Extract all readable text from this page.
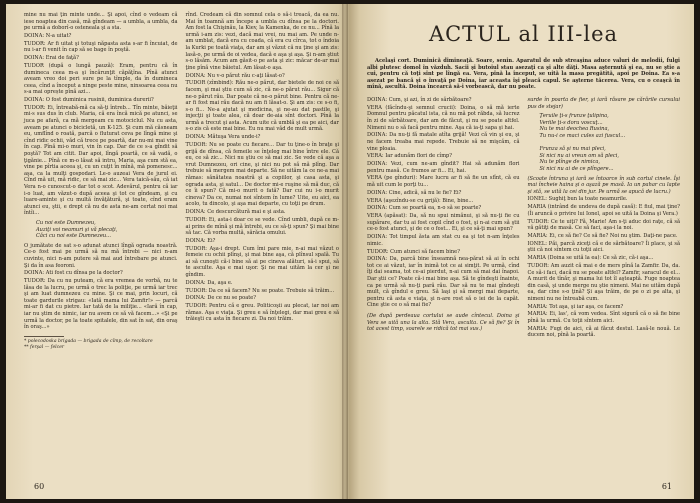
mine nu mai ţin minte unde... Şi apoi, cînd o vedeam că iese noaptea din casă, mă gîndeam — a umbla, a umbla, da pe urmă a doborî-o osteneala şi a sta.

DOINA: N-a uitat?

TUDOR: Ar fi uitat şi totuşi năpasta asta s-ar fi încuiat, de nu i-ar fi venit în cap să se bage în poştă.

DOINA: Erai de faţă?

TUDOR (după o lungă pauză): Eram, pentru că în dumineca ceea m-a şi încărunţit căpăţîna. Pînă atunci aveam vreo doi peri sure pe la tîmple, da în dumineca ceea, cînd a început a ninge peste mine, ninsoarea ceea nu s-a mai oprește pînă azi...

DOINA: O fost duminica rusinii, duminica durerii?

TUDOR: Ei, întreabă-mă ca să-ţi întreb... Tîn minte, băieţii mi-s sus dus în club. Maria, că era încă mică pe atunci, se juca pe afară, ca mă mergeam cu motociclul. Nu cu asta, aveam pe atunci o bicicletă, un K-125. Şi cum mă căsneam eu, umflînd o roată, parcă o fluturat ceva pe lîngă mine şi cînd ridic ochii, văd că trece pe poartă, dar nu-mi mai vine în cap. Pînă mi-o muri, vin în cap. Dar de ce s-a gîndit să poştă? Tot am citit. Dar apoi, lîngă poartă, ce să vadă, o ţigănie... Pînă ce m-o lăsat să intru, Maria, aşa cum stă ea, vine pe pîrtia aceea şi, cu un cuţit în mînă, mă pomenesc... aşa, ca la mulţi gospodari. Le-o auzeai Vera de jurul ei. Cînd mă uit, mă ridic, ce să mai zic... Vera taică-său, că iat Vera n-o cunoscut-o dar tot o scot. Adevărul, pentru că iar i-o luat, am văzut-o după aceea şi tot ce gîndeam, şi cu luare-aminte şi cu multă învăţătură, şi toate, cînd eram atunci eu, ştii, e drept că nu de asta ne-am certat noi mai întîi...

Cu noi este Dumnezeu,
Auziţi voi neamuri şi vă plecaţi,
Căci cu noi este Dumnezeu...

O jumătate de sat s-o adunat atunci lîngă ograda noastră. Ce-o fost mai pe urmă să nu mă întrebi — nici n-am cuvinte, nici n-am putere să mai aud întrebare pe atunci. Şi da în asa feoroni.

DOINA: Ati fost cu dînsa pe la doctor?

TUDOR: Da cu nu puteam, că era vremea de vorbă, nu te lăsa de la lucru, pe urmă o trec la poliţie, pe urmă iar trec şi am luat dumnezeu cu mine. Şi ce mai, prin locuri, că toate gardurile strigau: «Iată mama lui Zamfir!» — parcă mi-ar fi dat cu pietre. Iar tată de la miliţie... «Iară în cap, iar nu ştim de nimic, iar nu avem ce să vă facem...» «Şi pe urmă la doctor, pe la toate spitalele, din sat în sat, din oraş în oraş...»

* polecodoska brigada — brigada de cîmp, de recoltare

** ferşal — felcer

rînd. Credeam că din somnul cela o să-i treacă, da ea nu. Mai în toamnă am începe a umbla cu dînsa pe la doctori. Am fost la Chişinău, la Kiev, la Kamenka, de ce nu... Pînă la urmă i-am zis: vezi, dacă mai vrei, nu mai am. Pe unde n-am umblat, dacă era cu coada, că era cu cîrca, tot o îndoia la Kurki pe toată viaţa, dar am şi văzut că nu ţine şi am zis: lasă-o, pe urmă de oi vedea, dacă e aşa şi aşa. Şi n-am ştiut s-o lăsăm. Acum am găsit-o pe asta şi zic: măcar de-ar mai ţine pînă vine băietul. Am lăsat-o aşa.

DOINA: Nu v-o părut rău c-aţi lăsat-o?

TUDOR (zîmbind): Rău ne-o părut, dar bietele de noi ce să facem, şi mai ştiu cum să zic, că ne-o părut rău... Sigur că ne-o părut rău. Dar poate că ne-o părut bine. Pentru că ne-ar fi fost mai rău dacă nu am fi lăsat-o. Şi am zis: ce s-o fi, s-o fi... Ne-a ajutat şi medicina, şi ne-au dat pastile, şi injecţii şi toate alea, că doar de-aia sînt doctori. Pînă la urmă a trecut şi asta. Acum uite că umblă şi ea pe aici, dar s-o zis că este mai bine. Eu nu mai văd de mult urmă.

DOINA: Mătuşa Vera unde-i?

TUDOR: Nu se poate cu fiecare... Dar tu ţine-o în braţe şi grijă de dînsa, că femeile se înţeleg mai bine între ele. Că eu, ce să zic... Nici nu ştiu ce să mai zic. Se vede că aşa a vrut Dumnezeu, ori cine, şi nici nu pot să mă plîng. Dar trebuie să mergem mai departe. Să ne uităm la ce ne-a mai rămas: sănătatea noastră şi a copiilor, şi casa asta, şi ograda asta, şi satul... De doctor mi-e ruşine să mă duc, că ce îi spun? Că mi-o murit o fată? Dar cui nu i-o murit cineva? Da ce, numai noi sîntem în lume? Uite, eu aici, ea acolo, tu dincolo, şi aşa mai departe, cu toţii pe drum.

DOINA: Ce descurcătură mai e şi asta.

TUDOR: Ei, asta-i doar ce se vede. Cînd umbli, după ce m-ai prins de mînă şi mă întrebi, eu ce să-ţi spun? Şi mai bine să tac. Că vorba multă, sărăcia omului.

DOINA: Ei?

TUDOR: Aşa-i drept. Cum îmi pare mie, n-ai mai văzut o femeie cu ochii plînşi, şi mai bine aşa, că plînsul spală. Tu ai să cunoşti că-i bine să ai pe cineva alături, să-i spui, să te asculte. Aşa e mai uşor. Şi ne mai uităm la cer şi ne gîndim.

DOINA: Da, aşa e.

TUDOR: Da ce să facem? Nu se poate. Trebuie să trăim...

DOINA: De ce nu se poate?

TUDOR: Pentru că e greu. Politicoşii au plecat, iar noi am rămas. Aşa e viaţa. Şi greu e să înţelegi, dar mai greu e să trăieşti cu asta în fiecare zi. Da noi trăim.

60
ACTUL al III-lea

Acelaşi cort. Duminică dimineaţă. Soare, senin. Aparatul de sub streaşina aduce valuri de melodii, fulgi albi plutesc domol în văzduh. Sacii şi butoiul stau asezaţi ca şi alte dăţi. Masa aşternută şi ea, nu se ştie a cui, pentru că toţi sînt pe lîngă ea. Vera, pînă la început, se uită la masa pregătită, apoi pe Doina. Ea s-a asezat pe bancă şi o învaţă pe Doina, iar aceasta îşi pleacă capul. Se aşterne tăcerea. Vera, cu o ceaşcă în mînă, ascultă. Doina încearcă să-i vorbească, dar nu poate.

DOINA: Cum, şi azi, în zi de sărbătoare?

VERA (făcîndu-şi semnul crucii): Doina, o să mă ierte Domnul pentru păcatul ista, că nu mă pot răbda, să lucrez în zi de sărbătoare, dar am de făcut, şi nu se poate altfel. Nimeni nu o să facă pentru mine. Aşa că ia-ţi sapa şi hai.

DOINA: Da nu-ţi fă matale atîta grijă! Vezi că vin şi eu, şi ne facem treaba mai repede. Trebuie să ne mişcăm, că vine ploaia.

VERA: Iar adunăm flori de cîmp?

DOINA: Vezi, cum ne-am gîndit? Hai să adunăm flori pentru masă. Ce frumos ar fi... Ei, hai.

VERA (pe gînduri): Mare lucru ar fi să fie un sfînt, că eu mă uit cum le porţi tu...

DOINA: Cine, adică, să nu le fie? Ei?

VERA (aşezîndu-se cu grijă): Bine, bine...

DOINA: Cum se poartă ea, n-o să se poarte?

VERA (apăsat): Da, să nu spui nimănui, şi să nu-ţi fie cu supărare, dar tu ai fost copil cînd o fost, şi n-ai cum să ştii ce-o fost atunci, şi de ce o fost... Ei, şi ce să-ţi mai spun?

DOINA: Tot timpul ăsta am stat cu ea şi tot n-am înţeles nimic.

TUDOR: Cum atunci să facem bine?

DOINA: Da, parcă bine înseamnă nea-părat să ai în ochi tot ce ai văzut, iar în inimă tot ce ai simţit. Pe urmă, cînd îţi dai seama, tot ce-ai pierdut, n-ai cum să mai dai înapoi. Dar ştii ce? Poate că-i mai bine aşa. Să te gîndeşti înainte, ca pe urmă să nu-ţi pară rău. Dar să nu te mai gîndeşti mult, că gîndul e greu. Să laşi şi să mergi mai departe, pentru că asta e viaţa, şi n-are rost să o iei de la capăt. Cine ştie ce o să mai fie?

(De după perdeaua cortului se aude cîntecul. Doina şi Vera se uită una la alta. Stă Vera, asculta. Ce să fie? Şi în tot acest timp, soarele se ridică tot mai sus.)

surde în poarta de fier, şi iară răsare pe cărările cursului pus de stejar)

Ţeruile ţi-s frunze ţulipina,
Veriile ţi-s doru voscuţ...
Nu te mai deochea Rusina,
Tu nu-i ce maci cules azi fuscul...

Frunza să şi nu mai pleci,
Si nici nu ai vreun om să pleci,
Nu te plînge de nimica,
Si nici nu ai de ce plîngere...

(Scoate întruna şi iară se întoarce în sub cortul cinele. Îşi mai încheie haina şi o aşază pe masă. Ia un pahar cu lapte şi stă, se uită la cei din jur. Pe urmă se apucă de lucru.)

IONEL: Sughiţ bun la toate neamurile.

MARIA (intrând de undeva de după casă): E fiul, mai ţine? (Îi aruncă o privire lui Ionel, apoi se uită la Doina şi Vera.)

TUDOR: Ce te uiţi? Fă, Marie! Am s-ţi aduc doi raţe, că să vă gătiţi de masă. Ce să faci, aşa-i la noi.

MARIA: Ei, ce să fie? Ce să fie? Noi nu ştim. Daţi-ne pace.

IONEL: Păi, parcă ziceţi că e de sărbătoare? Îi place, şi să ştii că noi sîntem cu toţii aici.

MARIA (Doina se uită la ea): Ce să zic, că-i aşa...

TUDOR: Am auzit că mai e de mers pînă la Zamfir. Da, da. Ce să-i faci, dacă nu se poate altfel? Zamfir, saracul de el... A murit de tînăr, şi mama lui tot îl aşteaptă. Fuge noaptea din casă, şi unde merge nu ştie nimeni. Mai ne uităm după ea, dar cine s-o ţină? Şi aşa trăim, de pe o zi pe alta, şi nimeni nu ne întreabă cum.

MARIA: Tot aşa, şi iar aşa, ce facem?

MARIA: Ei, las', că vom vedea. Sînt sigură că o să fie bine pînă la urmă. Cu toţii sîntem aici.

MARIA: Fugi de aici, că ai făcut destul. Lasă-le nouă. Le ducem noi, pînă la poartă.

61
